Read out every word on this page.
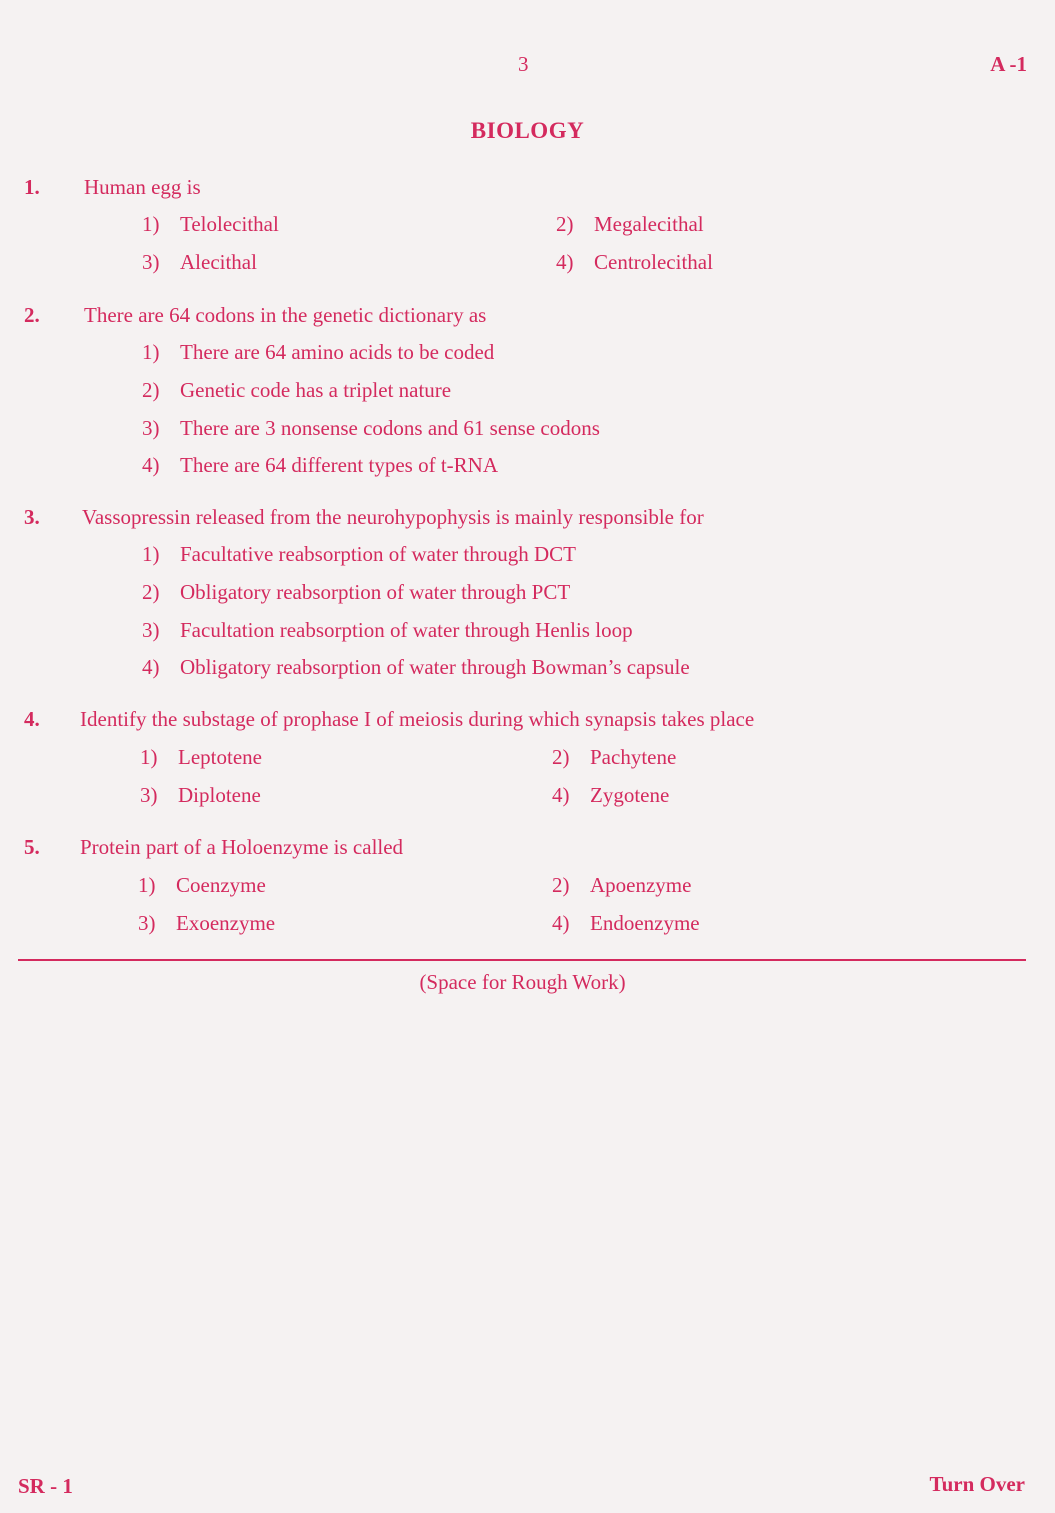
3	A -1
BIOLOGY
1. Human egg is
1) Telolecithal	2) Megalecithal
3) Alecithal	4) Centrolecithal
2. There are 64 codons in the genetic dictionary as
1) There are 64 amino acids to be coded
2) Genetic code has a triplet nature
3) There are 3 nonsense codons and 61 sense codons
4) There are 64 different types of t-RNA
3. Vassopressin released from the neurohypophysis is mainly responsible for
1) Facultative reabsorption of water through DCT
2) Obligatory reabsorption of water through PCT
3) Facultation reabsorption of water through Henlis loop
4) Obligatory reabsorption of water through Bowman’s capsule
4. Identify the substage of prophase I of meiosis during which synapsis takes place
1) Leptotene	2) Pachytene
3) Diplotene	4) Zygotene
5. Protein part of a Holoenzyme is called
1) Coenzyme	2) Apoenzyme
3) Exoenzyme	4) Endoenzyme
(Space for Rough Work)
SR - 1	Turn Over
